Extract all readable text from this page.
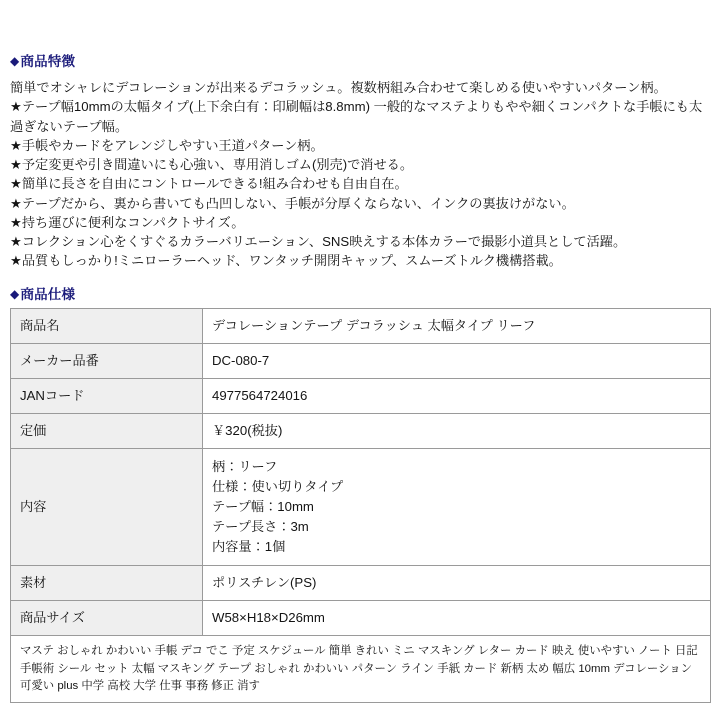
◆商品特徴

簡単でオシャレにデコレーションが出来るデコラッシュ。複数柄組み合わせて楽しめる使いやすいパターン柄。

★テープ幅10mmの太幅タイプ(上下余白有：印刷幅は8.8mm) 一般的なマステよりもやや細くコンパクトな手帳にも太過ぎないテープ幅。

★手帳やカードをアレンジしやすい王道パターン柄。

★予定変更や引き間違いにも心強い、専用消しゴム(別売)で消せる。

★簡単に長さを自由にコントロールできる!組み合わせも自由自在。

★テープだから、裏から書いても凸凹しない、手帳が分厚くならない、インクの裏抜けがない。

★持ち運びに便利なコンパクトサイズ。

★コレクション心をくすぐるカラーバリエーション、SNS映えする本体カラーで撮影小道具として活躍。

★品質もしっかり!ミニローラーヘッド、ワンタッチ開閉キャップ、スムーズトルク機構搭載。

◆商品仕様
商品名	デコレーションテープ デコラッシュ 太幅タイプ リーフ
メーカー品番	DC-080-7
JANコード	4977564724016
定価	￥320(税抜)
内容	柄：リーフ
仕様：使い切りタイプ
テープ幅：10mm
テープ長さ：3m
内容量：1個

素材	ポリスチレン(PS)
商品サイズ	W58×H18×D26mm
マステ おしゃれ かわいい 手帳 デコ でこ 予定 スケジュール 簡単 きれい ミニ マスキング レター カード 映え 使いやすい ノート 日記 手帳術 シール セット 太幅 マスキング テープ おしゃれ かわいい パターン ライン 手紙 カード 新柄 太め 幅広 10mm デコレーション 可愛い plus 中学 高校 大学 仕事 事務 修正 消す	
